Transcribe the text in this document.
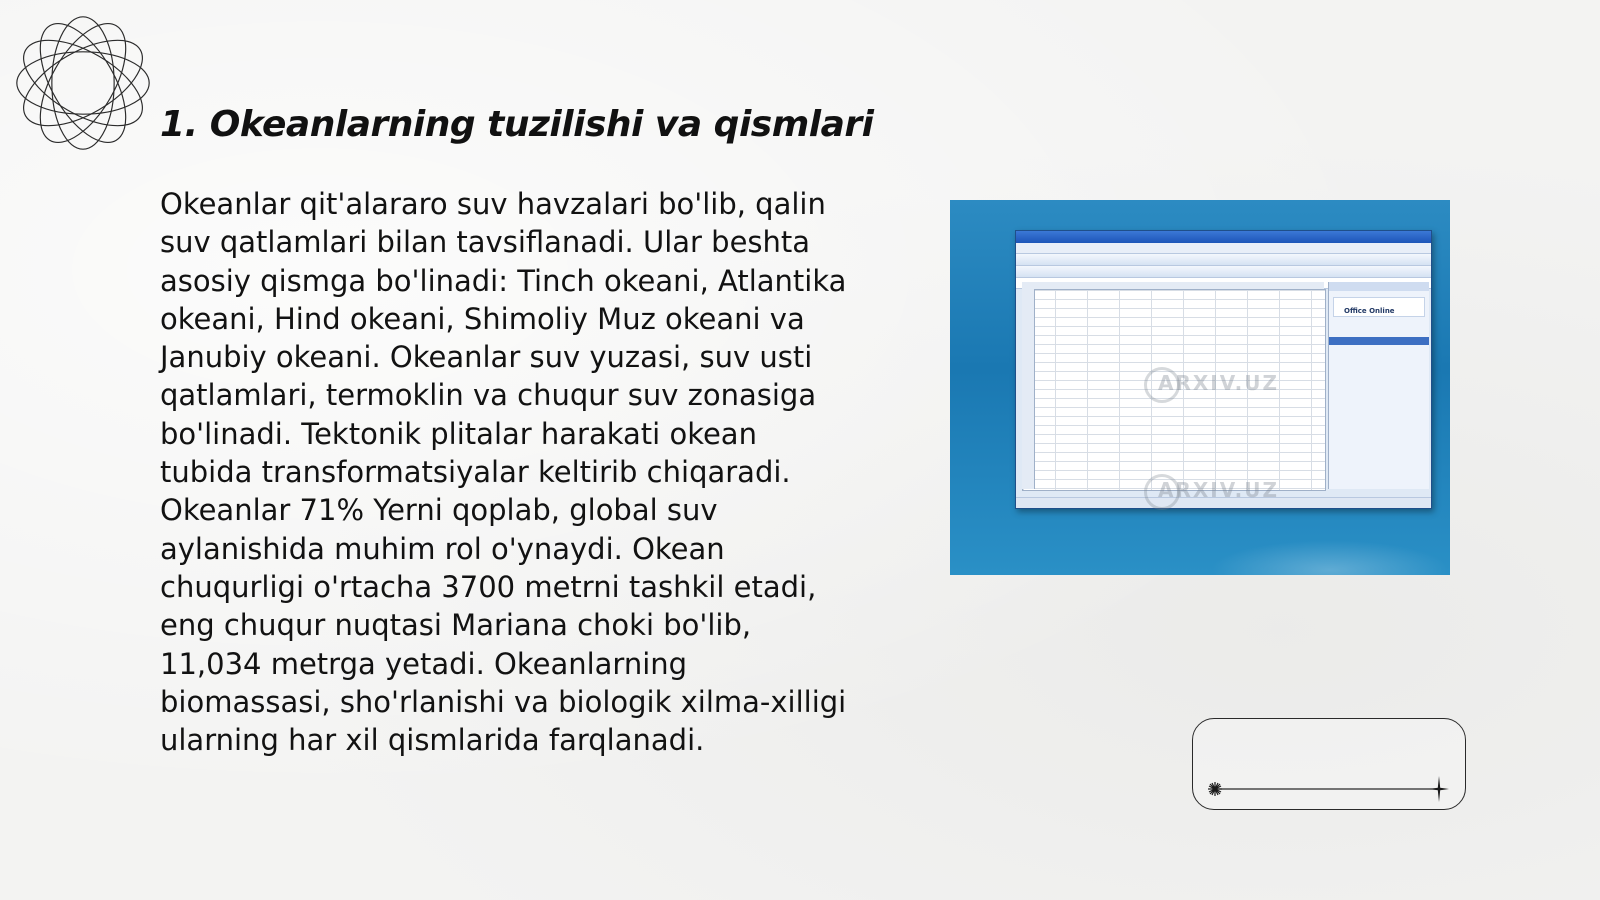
1. Okeanlarning tuzilishi va qismlari

Okeanlar qit'alararo suv havzalari bo'lib, qalin suv qatlamlari bilan tavsiflanadi. Ular beshta asosiy qismga bo'linadi: Tinch okeani, Atlantika okeani, Hind okeani, Shimoliy Muz okeani va Janubiy okeani. Okeanlar suv yuzasi, suv usti qatlamlari, termoklin va chuqur suv zonasiga bo'linadi. Tektonik plitalar harakati okean tubida transformatsiyalar keltirib chiqaradi. Okeanlar 71% Yerni qoplab, global suv aylanishida muhim rol o'ynaydi. Okean chuqurligi o'rtacha 3700 metrni tashkil etadi, eng chuqur nuqtasi Mariana choki bo'lib, 11,034 metrga yetadi. Okeanlarning biomassasi, sho'rlanishi va biologik xilma-xilligi ularning har xil qismlarida farqlanadi.

Office Online
ARXIV.UZ
ARXIV.UZ
